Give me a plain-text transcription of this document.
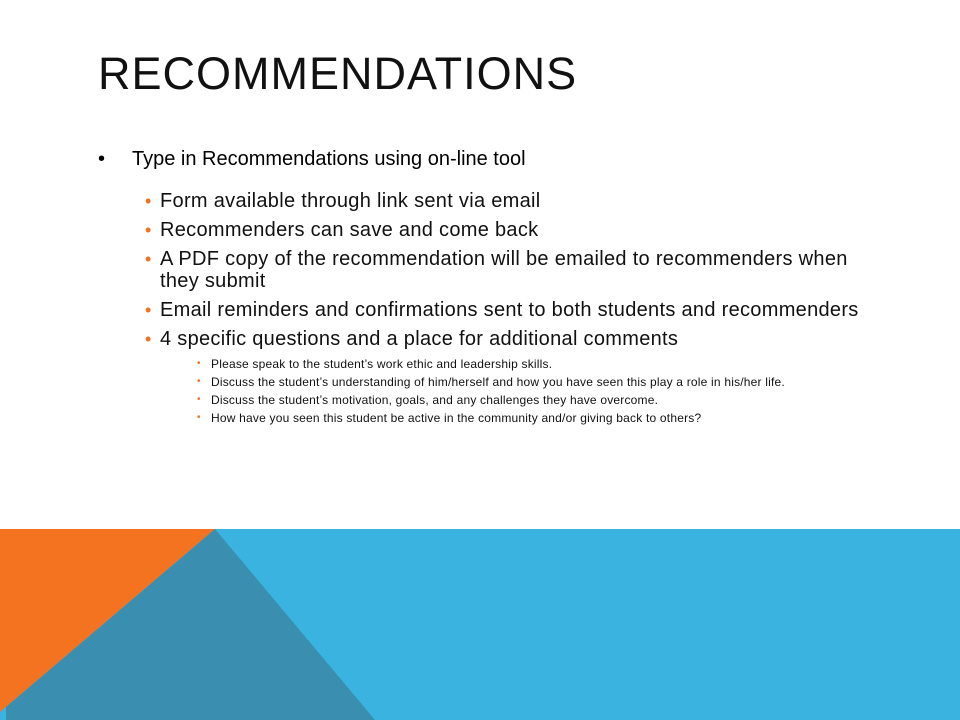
RECOMMENDATIONS
• Type in Recommendations using on-line tool
• Form available through link sent via email
• Recommenders can save and come back
• A PDF copy of the recommendation will be emailed to recommenders when they submit
• Email reminders and confirmations sent to both students and recommenders
• 4 specific questions and a place for additional comments
• Please speak to the student’s work ethic and leadership skills.
• Discuss the student’s understanding of him/herself and how you have seen this play a role in his/her life.
• Discuss the student’s motivation, goals, and any challenges they have overcome.
• How have you seen this student be active in the community and/or giving back to others?
